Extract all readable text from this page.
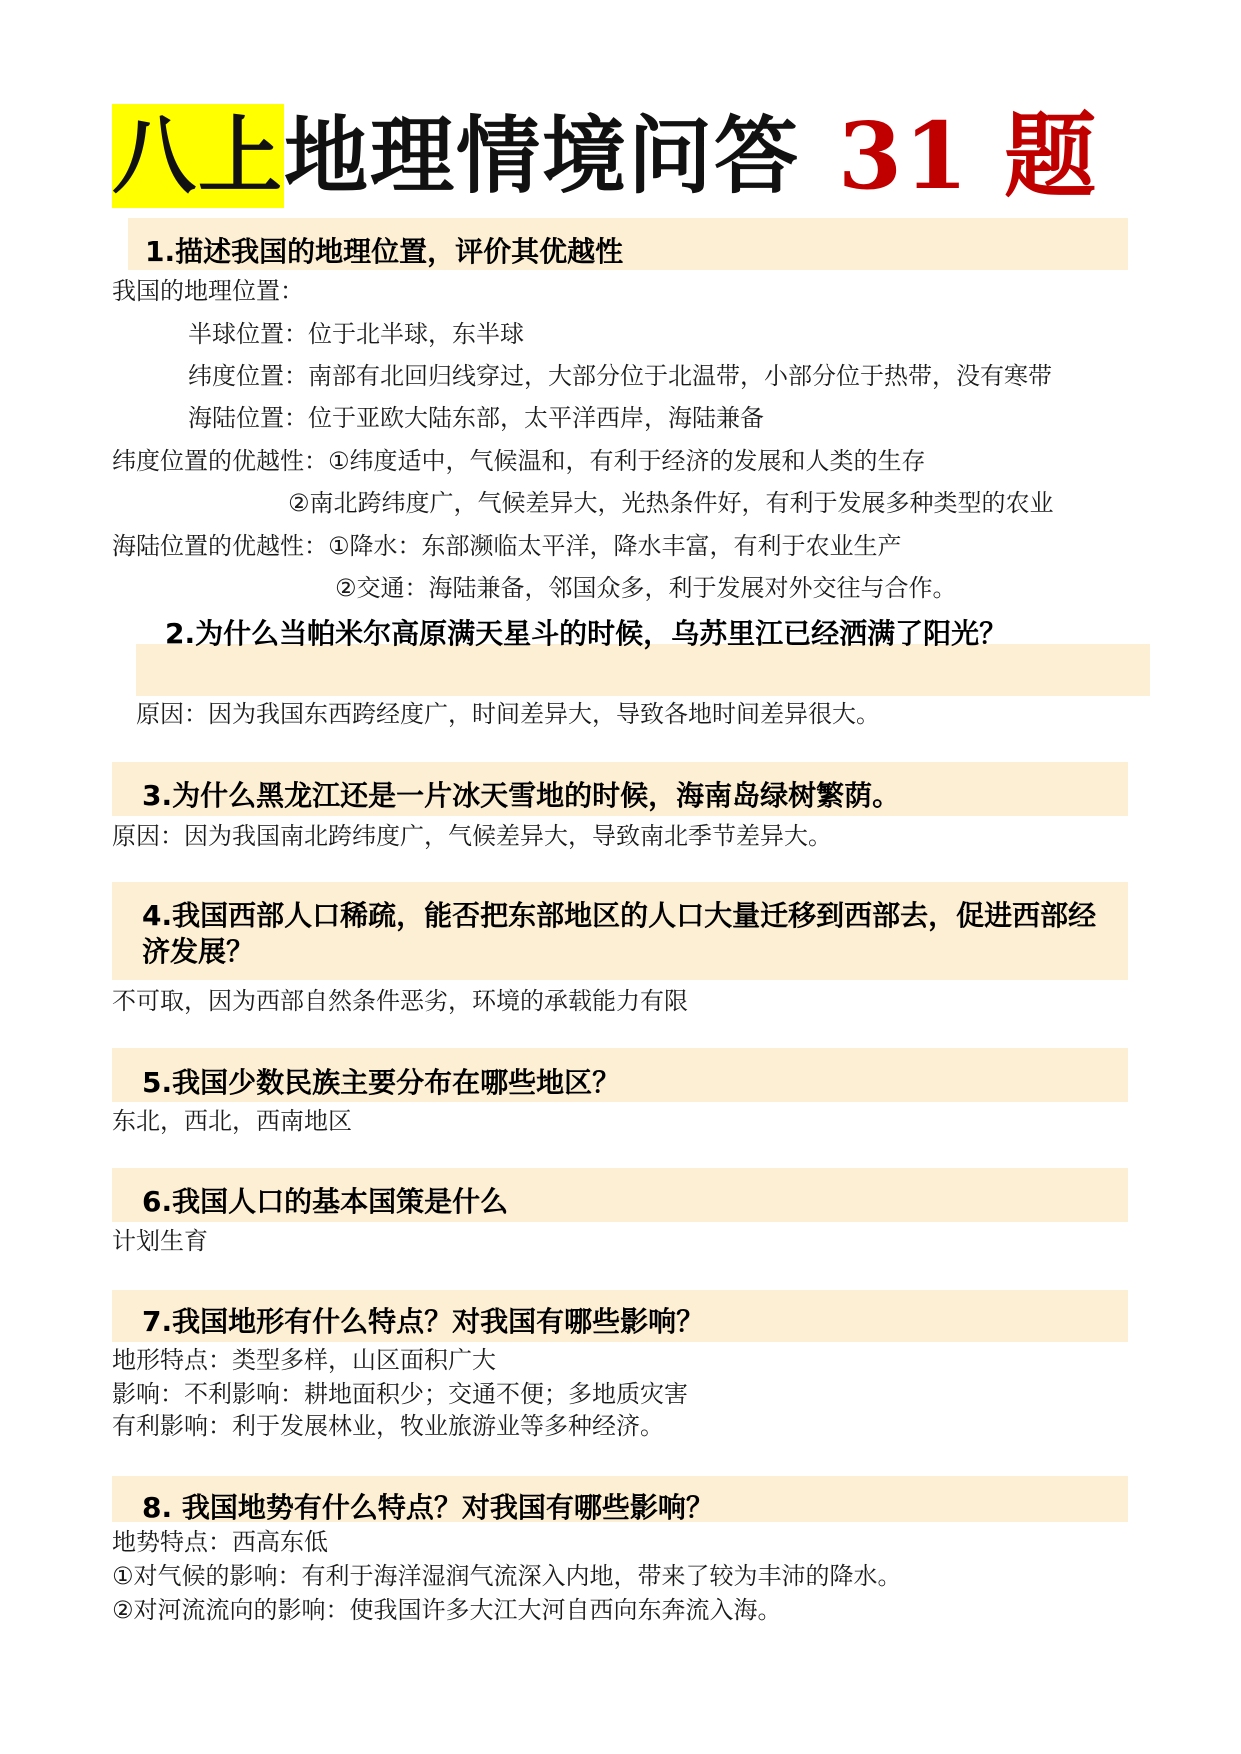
八上 地理情境问答 31 题
1.描述我国的地理位置，评价其优越性
我国的地理位置：
半球位置：位于北半球，东半球
纬度位置：南部有北回归线穿过，大部分位于北温带，小部分位于热带，没有寒带
海陆位置：位于亚欧大陆东部，太平洋西岸，海陆兼备
纬度位置的优越性：①纬度适中，气候温和，有利于经济的发展和人类的生存
②南北跨纬度广，气候差异大，光热条件好，有利于发展多种类型的农业
海陆位置的优越性：①降水：东部濒临太平洋，降水丰富，有利于农业生产
②交通：海陆兼备，邻国众多，利于发展对外交往与合作。
2.为什么当帕米尔高原满天星斗的时候，乌苏里江已经洒满了阳光？
原因：因为我国东西跨经度广，时间差异大，导致各地时间差异很大。
3.为什么黑龙江还是一片冰天雪地的时候，海南岛绿树繁荫。
原因：因为我国南北跨纬度广，气候差异大，导致南北季节差异大。
4.我国西部人口稀疏，能否把东部地区的人口大量迁移到西部去，促进西部经济发展？
不可取，因为西部自然条件恶劣，环境的承载能力有限
5.我国少数民族主要分布在哪些地区？
东北，西北，西南地区
6.我国人口的基本国策是什么
计划生育
7.我国地形有什么特点？对我国有哪些影响？
地形特点：类型多样，山区面积广大
影响：不利影响：耕地面积少；交通不便；多地质灾害
有利影响：利于发展林业，牧业旅游业等多种经济。
8. 我国地势有什么特点？对我国有哪些影响？
地势特点：西高东低
①对气候的影响：有利于海洋湿润气流深入内地，带来了较为丰沛的降水。
②对河流流向的影响：使我国许多大江大河自西向东奔流入海。
